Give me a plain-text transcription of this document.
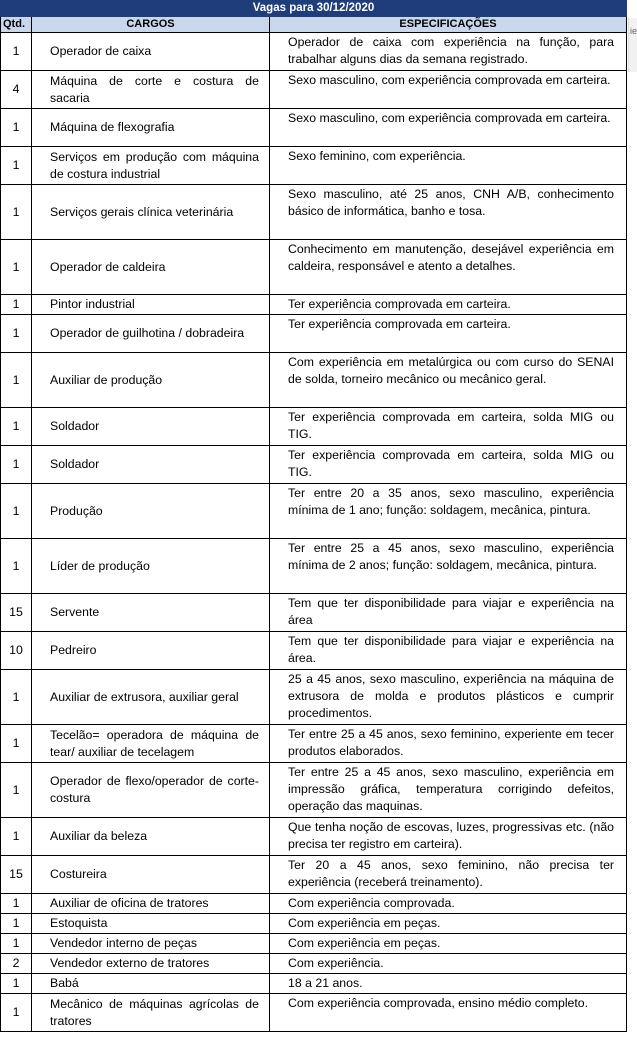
Vagas para 30/12/2020		
Qtd.	CARGOS	ESPECIFICAÇÕES
1	Operador de caixa	Operador de caixa com experiência na função, para trabalhar alguns dias da semana registrado.
4	Máquina de corte e costura de sacaria	Sexo masculino, com experiência comprovada em carteira.
1	Máquina de flexografia	Sexo masculino, com experiência comprovada em carteira.
1	Serviços em produção com máquina de costura industrial	Sexo feminino, com experiência.
1	Serviços gerais clínica veterinária	Sexo masculino, até 25 anos, CNH A/B, conhecimento básico de informática, banho e tosa.
1	Operador de caldeira	Conhecimento em manutenção, desejável experiência em caldeira, responsável e atento a detalhes.
1	Pintor industrial	Ter experiência comprovada em carteira.
1	Operador de guilhotina / dobradeira	Ter experiência comprovada em carteira.
1	Auxiliar de produção	Com experiência em metalúrgica ou com curso do SENAI de solda, torneiro mecânico ou mecânico geral.
1	Soldador	Ter experiência comprovada em carteira, solda MIG ou TIG.
1	Soldador	Ter experiência comprovada em carteira, solda MIG ou TIG.
1	Produção	Ter entre 20 a 35 anos, sexo masculino, experiência mínima de 1 ano; função: soldagem, mecânica, pintura.
1	Líder de produção	Ter entre 25 a 45 anos, sexo masculino, experiência mínima de 2 anos; função: soldagem, mecânica, pintura.
15	Servente	Tem que ter disponibilidade para viajar e experiência na área
10	Pedreiro	Tem que ter disponibilidade para viajar e experiência na área.
1	Auxiliar de extrusora, auxiliar geral	25 a 45 anos, sexo masculino, experiência na máquina de extrusora de molda e produtos plásticos e cumprir procedimentos.
1	Tecelão= operadora de máquina de tear/ auxiliar de tecelagem	Ter entre 25 a 45 anos, sexo feminino, experiente em tecer produtos elaborados.
1	Operador de flexo/operador de corte-costura	Ter entre 25 a 45 anos, sexo masculino, experiência em impressão gráfica, temperatura corrigindo defeitos, operação das maquinas.
1	Auxiliar da beleza	Que tenha noção de escovas, luzes, progressivas etc. (não precisa ter registro em carteira).
15	Costureira	Ter 20 a 45 anos, sexo feminino, não precisa ter experiência (receberá treinamento).
1	Auxiliar de oficina de tratores	Com experiência comprovada.
1	Estoquista	Com experiência em peças.
1	Vendedor interno de peças	Com experiência em peças.
2	Vendedor externo de tratores	Com experiência.
1	Babá	18 a 21 anos.
1	Mecânico de máquinas agrícolas de tratores	Com experiência comprovada, ensino médio completo.
ie
